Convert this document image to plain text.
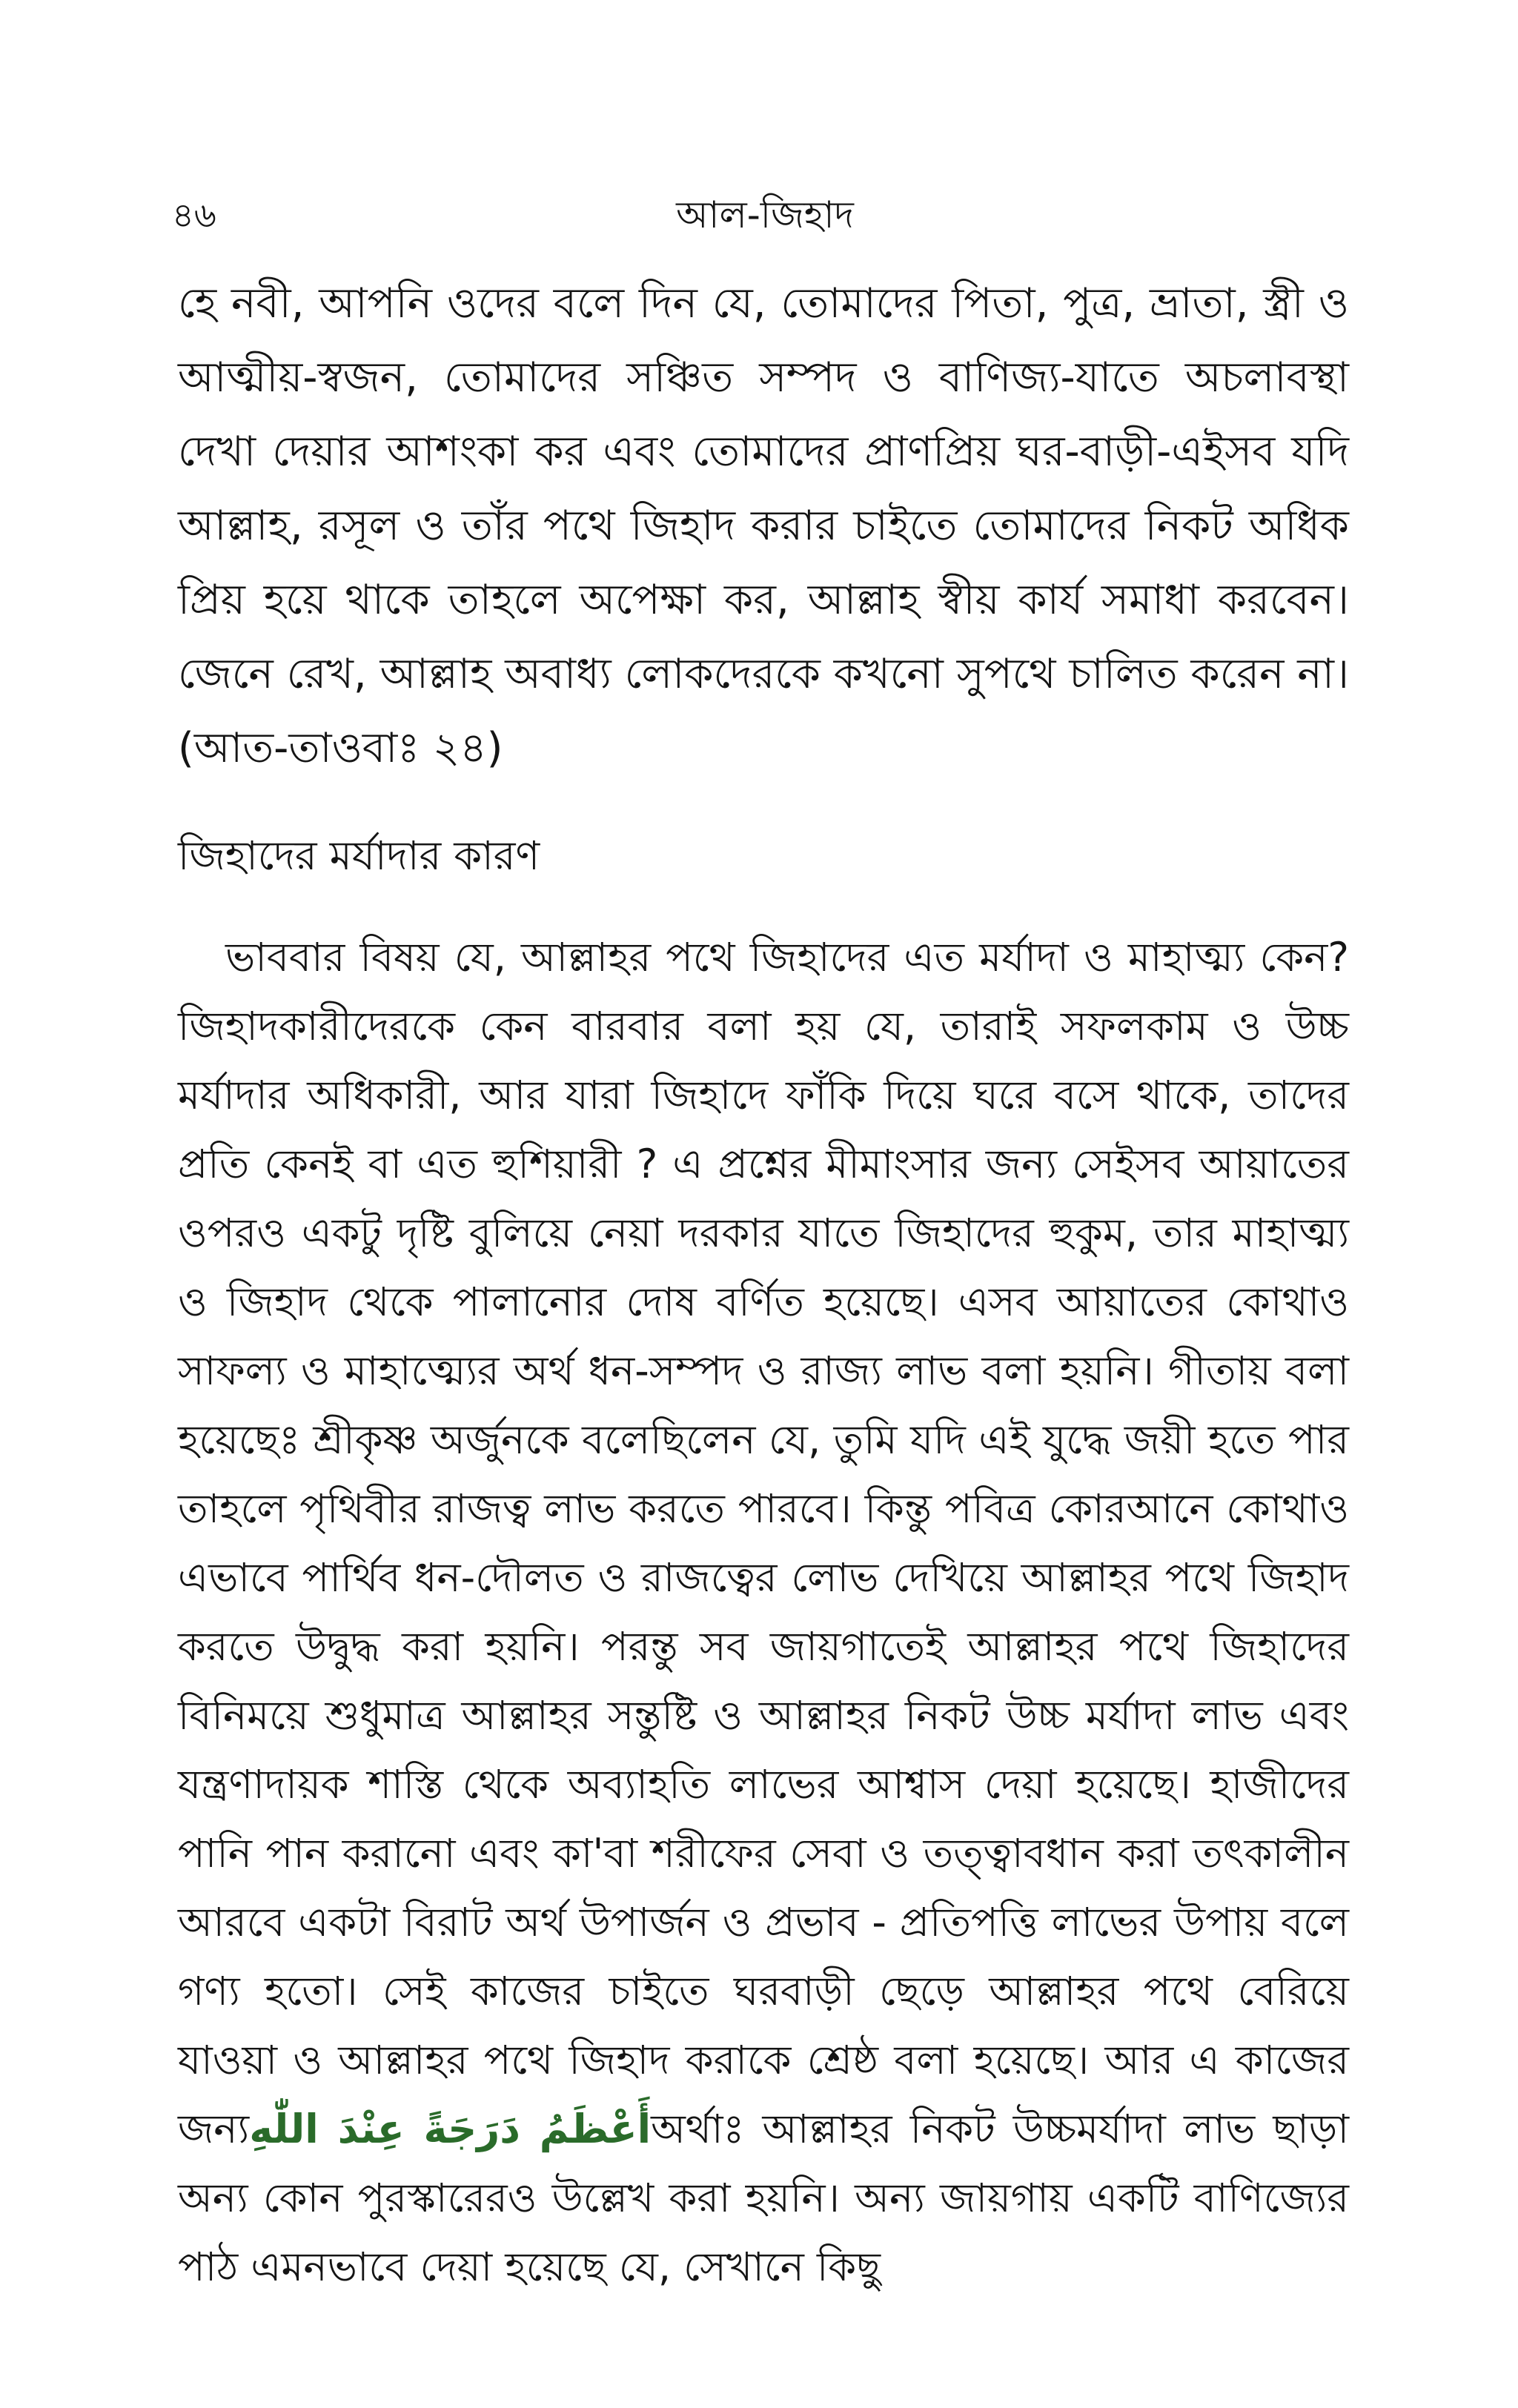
৪৬	আল-জিহাদ

হে নবী, আপনি ওদের বলে দিন যে, তোমাদের পিতা, পুত্র, ভ্রাতা, স্ত্রী ও আত্মীয়-স্বজন, তোমাদের সঞ্চিত সম্পদ ও বাণিজ্য-যাতে অচলাবস্থা দেখা দেয়ার আশংকা কর এবং তোমাদের প্রাণপ্রিয় ঘর-বাড়ী-এইসব যদি আল্লাহ, রসূল ও তাঁর পথে জিহাদ করার চাইতে তোমাদের নিকট অধিক প্রিয় হয়ে থাকে তাহলে অপেক্ষা কর, আল্লাহ স্বীয় কার্য সমাধা করবেন। জেনে রেখ, আল্লাহ অবাধ্য লোকদেরকে কখনো সুপথে চালিত করেন না। (আত-তাওবাঃ ২৪)

জিহাদের মর্যাদার কারণ

ভাববার বিষয় যে, আল্লাহর পথে জিহাদের এত মর্যাদা ও মাহাত্ম্য কেন? জিহাদকারীদেরকে কেন বারবার বলা হয় যে, তারাই সফলকাম ও উচ্চ মর্যাদার অধিকারী, আর যারা জিহাদে ফাঁকি দিয়ে ঘরে বসে থাকে, তাদের প্রতি কেনই বা এত হুশিয়ারী ? এ প্রশ্নের মীমাংসার জন্য সেইসব আয়াতের ওপরও একটু দৃষ্টি বুলিয়ে নেয়া দরকার যাতে জিহাদের হুকুম, তার মাহাত্ম্য ও জিহাদ থেকে পালানোর দোষ বর্ণিত হয়েছে। এসব আয়াতের কোথাও সাফল্য ও মাহাত্ম্যের অর্থ ধন-সম্পদ ও রাজ্য লাভ বলা হয়নি। গীতায় বলা হয়েছেঃ শ্রীকৃষ্ণ অর্জুনকে বলেছিলেন যে, তুমি যদি এই যুদ্ধে জয়ী হতে পার তাহলে পৃথিবীর রাজত্ব লাভ করতে পারবে। কিন্তু পবিত্র কোরআনে কোথাও এভাবে পার্থিব ধন-দৌলত ও রাজত্বের লোভ দেখিয়ে আল্লাহর পথে জিহাদ করতে উদ্বুদ্ধ করা হয়নি। পরন্তু সব জায়গাতেই আল্লাহর পথে জিহাদের বিনিময়ে শুধুমাত্র আল্লাহর সন্তুষ্টি ও আল্লাহর নিকট উচ্চ মর্যাদা লাভ এবং যন্ত্রণাদায়ক শাস্তি থেকে অব্যাহতি লাভের আশ্বাস দেয়া হয়েছে। হাজীদের পানি পান করানো এবং কা'বা শরীফের সেবা ও তত্ত্বাবধান করা তৎকালীন আরবে একটা বিরাট অর্থ উপার্জন ও প্রভাব - প্রতিপত্তি লাভের উপায় বলে গণ্য হতো। সেই কাজের চাইতে ঘরবাড়ী ছেড়ে আল্লাহর পথে বেরিয়ে যাওয়া ও আল্লাহর পথে জিহাদ করাকে শ্রেষ্ঠ বলা হয়েছে। আর এ কাজের জন্যأَعْظَمُ دَرَجَةً عِنْدَ اللّٰهِঅর্থাঃ আল্লাহর নিকট উচ্চমর্যাদা লাভ ছাড়া অন্য কোন পুরস্কারেরও উল্লেখ করা হয়নি। অন্য জায়গায় একটি বাণিজ্যের পাঠ এমনভাবে দেয়া হয়েছে যে, সেখানে কিছু
